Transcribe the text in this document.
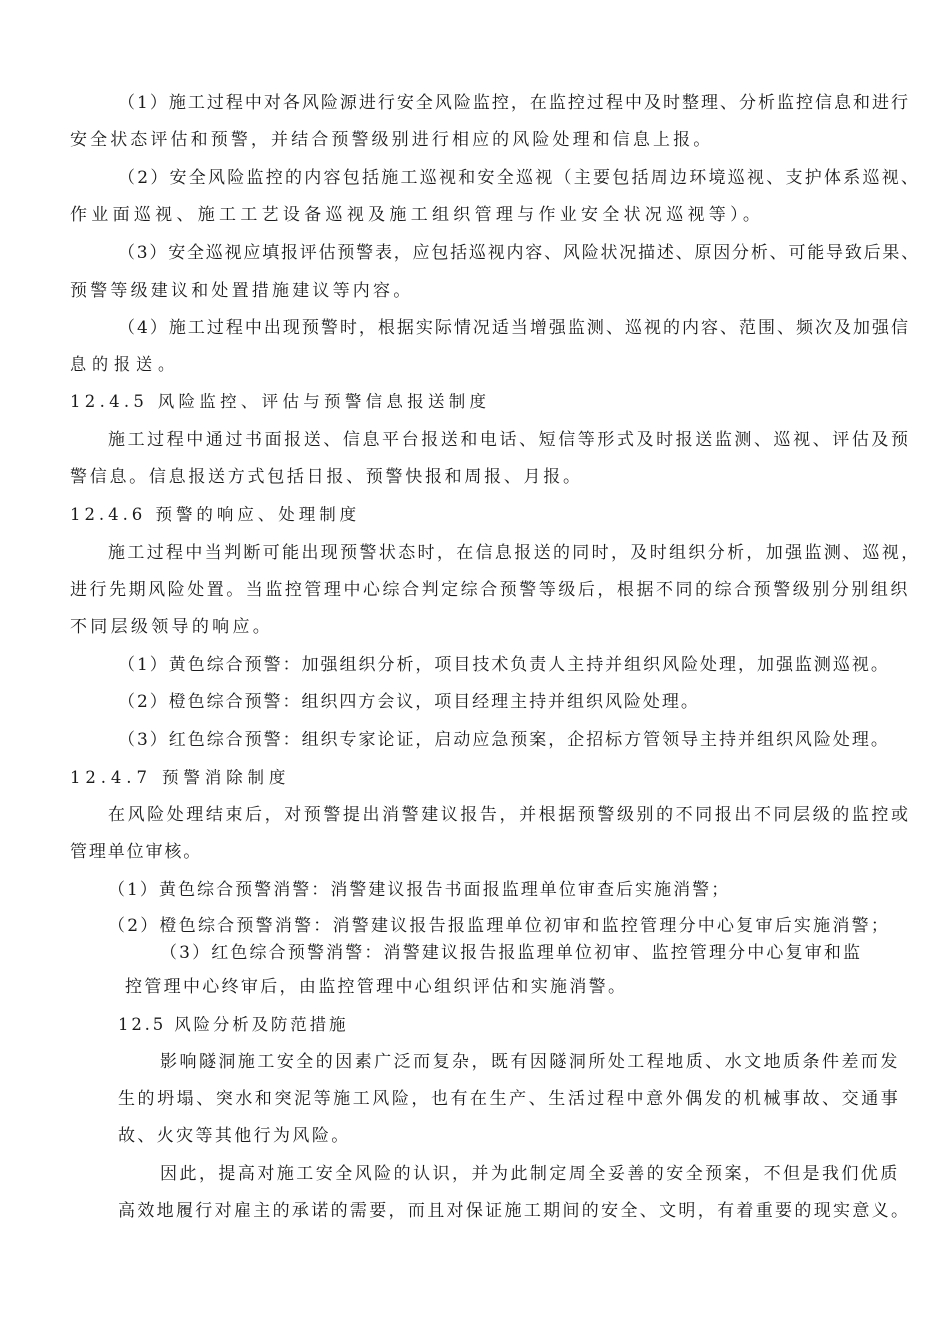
（1）施工过程中对各风险源进行安全风险监控，在监控过程中及时整理、分析监控信息和进行
安全状态评估和预警，并结合预警级别进行相应的风险处理和信息上报。
（2）安全风险监控的内容包括施工巡视和安全巡视（主要包括周边环境巡视、支护体系巡视、
作业面巡视、施工工艺设备巡视及施工组织管理与作业安全状况巡视等）。
（3）安全巡视应填报评估预警表，应包括巡视内容、风险状况描述、原因分析、可能导致后果、
预警等级建议和处置措施建议等内容。
（4）施工过程中出现预警时，根据实际情况适当增强监测、巡视的内容、范围、频次及加强信
息的报送。
12.4.5 风险监控、评估与预警信息报送制度
施工过程中通过书面报送、信息平台报送和电话、短信等形式及时报送监测、巡视、评估及预
警信息。信息报送方式包括日报、预警快报和周报、月报。
12.4.6 预警的响应、处理制度
施工过程中当判断可能出现预警状态时，在信息报送的同时，及时组织分析，加强监测、巡视，
进行先期风险处置。当监控管理中心综合判定综合预警等级后，根据不同的综合预警级别分别组织
不同层级领导的响应。
（1）黄色综合预警：加强组织分析，项目技术负责人主持并组织风险处理，加强监测巡视。
（2）橙色综合预警：组织四方会议，项目经理主持并组织风险处理。
（3）红色综合预警：组织专家论证，启动应急预案，企招标方管领导主持并组织风险处理。
12.4.7 预警消除制度
在风险处理结束后，对预警提出消警建议报告，并根据预警级别的不同报出不同层级的监控或
管理单位审核。
（1）黄色综合预警消警：消警建议报告书面报监理单位审查后实施消警；
（2）橙色综合预警消警：消警建议报告报监理单位初审和监控管理分中心复审后实施消警；
（3）红色综合预警消警：消警建议报告报监理单位初审、监控管理分中心复审和监
控管理中心终审后，由监控管理中心组织评估和实施消警。
12.5 风险分析及防范措施
影响隧洞施工安全的因素广泛而复杂，既有因隧洞所处工程地质、水文地质条件差而发
生的坍塌、突水和突泥等施工风险，也有在生产、生活过程中意外偶发的机械事故、交通事
故、火灾等其他行为风险。
因此，提高对施工安全风险的认识，并为此制定周全妥善的安全预案，不但是我们优质
高效地履行对雇主的承诺的需要，而且对保证施工期间的安全、文明，有着重要的现实意义。
